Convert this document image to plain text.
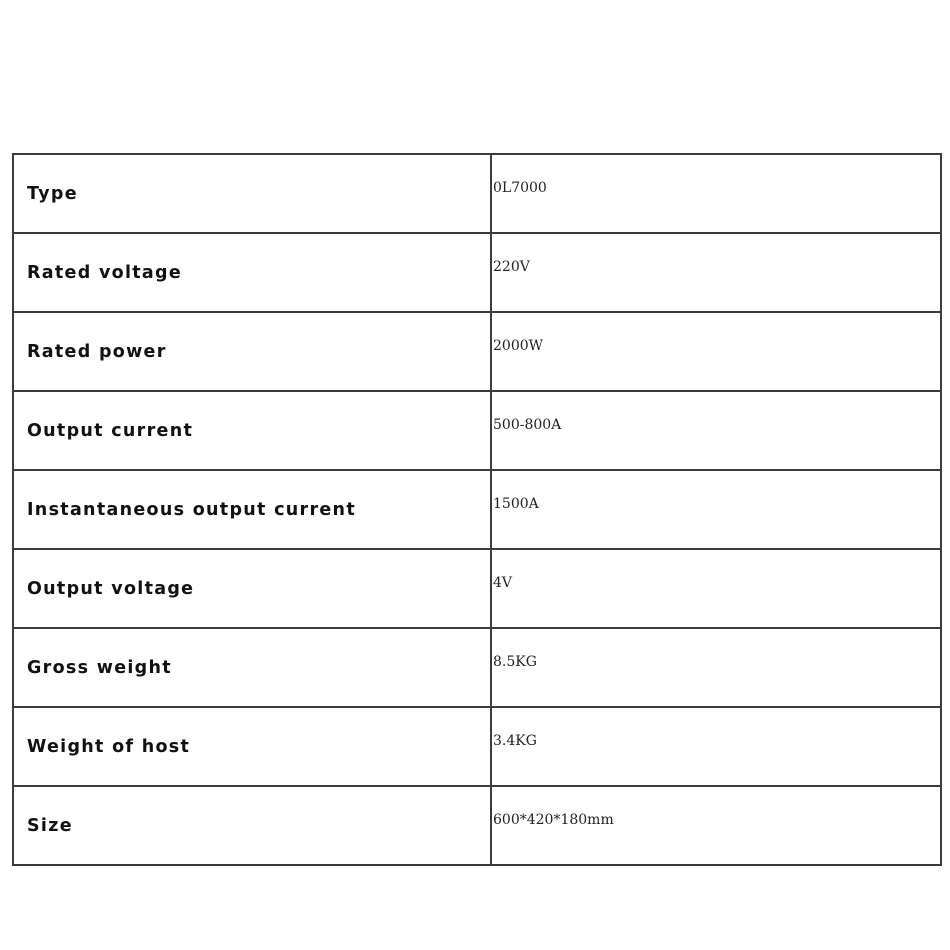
Type	0L7000
Rated voltage	220V
Rated power	2000W
Output current	500-800A
Instantaneous output current	1500A
Output voltage	4V
Gross weight	8.5KG
Weight of host	3.4KG
Size	600*420*180mm
